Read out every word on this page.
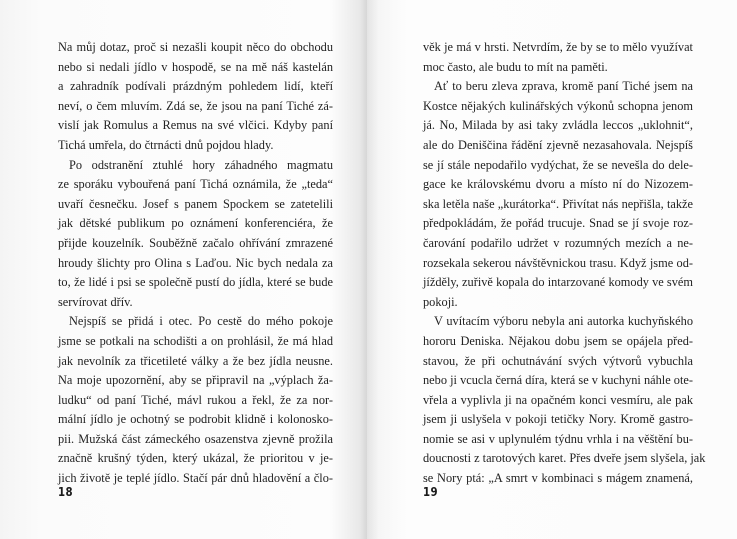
Na můj dotaz, proč si nezašli koupit něco do obchodu
nebo si nedali jídlo v hospodě, se na mě náš kastelán
a zahradník podívali prázdným pohledem lidí, kteří
neví, o čem mluvím. Zdá se, že jsou na paní Tiché zá-
vislí jak Romulus a Remus na své vlčici. Kdyby paní
Tichá umřela, do čtrnácti dnů pojdou hlady.
Po odstranění ztuhlé hory záhadného magmatu
ze sporáku vybouřená paní Tichá oznámila, že „teda“
uvaří česnečku. Josef s panem Spockem se zatetelili
jak dětské publikum po oznámení konferenciéra, že
přijde kouzelník. Souběžně začalo ohřívání zmrazené
hroudy šlichty pro Olina s Laďou. Nic bych nedala za
to, že lidé i psi se společně pustí do jídla, které se bude
servírovat dřív.
Nejspíš se přidá i otec. Po cestě do mého pokoje
jsme se potkali na schodišti a on prohlásil, že má hlad
jak nevolník za třicetileté války a že bez jídla neusne.
Na moje upozornění, aby se připravil na „výplach ža-
ludku“ od paní Tiché, mávl rukou a řekl, že za nor-
mální jídlo je ochotný se podrobit klidně i kolonosko-
pii. Mužská část zámeckého osazenstva zjevně prožila
značně krušný týden, který ukázal, že prioritou v je-
jich životě je teplé jídlo. Stačí pár dnů hladovění a člo-
18
věk je má v hrsti. Netvrdím, že by se to mělo využívat
moc často, ale budu to mít na paměti.
Ať to beru zleva zprava, kromě paní Tiché jsem na
Kostce nějakých kulinářských výkonů schopna jenom
já. No, Milada by asi taky zvládla leccos „uklohnit“,
ale do Deniščina řádění zjevně nezasahovala. Nejspíš
se jí stále nepodařilo vydýchat, že se nevešla do dele-
gace ke královskému dvoru a místo ní do Nizozem-
ska letěla naše „kurátorka“. Přivítat nás nepřišla, takže
předpokládám, že pořád trucuje. Snad se jí svoje roz-
čarování podařilo udržet v rozumných mezích a ne-
rozsekala sekerou návštěvnickou trasu. Když jsme od-
jížděly, zuřivě kopala do intarzované komody ve svém
pokoji.
V uvítacím výboru nebyla ani autorka kuchyňského
hororu Deniska. Nějakou dobu jsem se opájela před-
stavou, že při ochutnávání svých výtvorů vybuchla
nebo ji vcucla černá díra, která se v kuchyni náhle ote-
vřela a vyplivla ji na opačném konci vesmíru, ale pak
jsem ji uslyšela v pokoji tetičky Nory. Kromě gastro-
nomie se asi v uplynulém týdnu vrhla i na věštění bu-
doucnosti z tarotových karet. Přes dveře jsem slyšela, jak
se Nory ptá: „A smrt v kombinaci s mágem znamená,
19
